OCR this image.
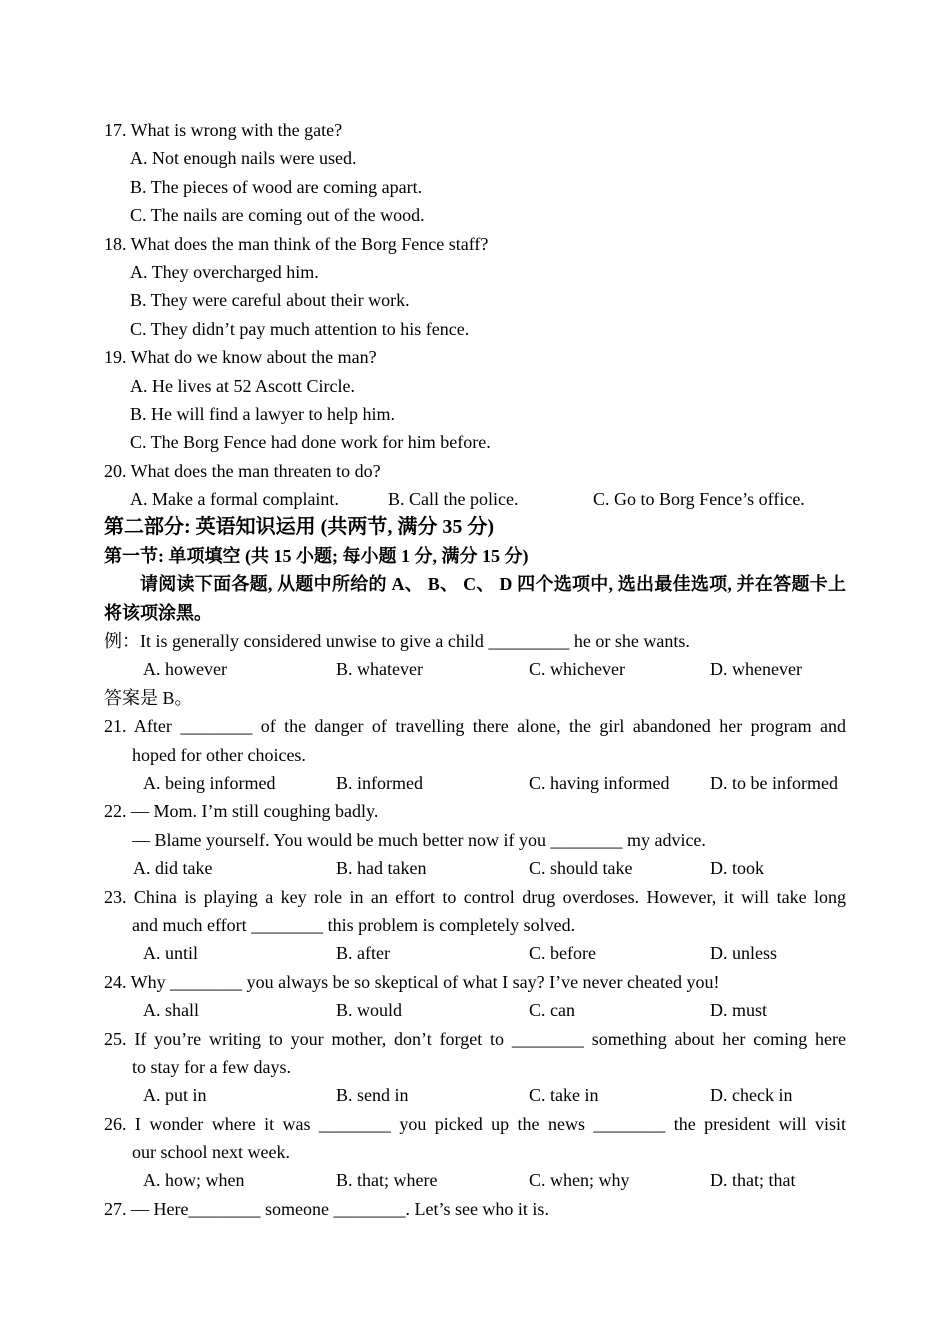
17. What is wrong with the gate?
A. Not enough nails were used.
B. The pieces of wood are coming apart.
C. The nails are coming out of the wood.
18. What does the man think of the Borg Fence staff?
A. They overcharged him.
B. They were careful about their work.
C. They didn’t pay much attention to his fence.
19. What do we know about the man?
A. He lives at 52 Ascott Circle.
B. He will find a lawyer to help him.
C. The Borg Fence had done work for him before.
20. What does the man threaten to do?
A. Make a formal complaint.	B. Call the police.	C. Go to Borg Fence’s office.
第二部分: 英语知识运用 (共两节, 满分 35 分)
第一节: 单项填空 (共 15 小题; 每小题 1 分, 满分 15 分)
请阅读下面各题, 从题中所给的 A、 B、 C、 D 四个选项中, 选出最佳选项, 并在答题卡上将该项涂黑。
例：It is generally considered unwise to give a child _________ he or she wants.
A. however	B. whatever	C. whichever	D. whenever
答案是 B。
21. After ________ of the danger of travelling there alone, the girl abandoned her program and
hoped for other choices.
A. being informed	B. informed	C. having informed D. to be informed
22. — Mom. I’m still coughing badly.
— Blame yourself. You would be much better now if you ________ my advice.
A. did take	B. had taken	C. should take	D. took
23. China is playing a key role in an effort to control drug overdoses. However, it will take long
and much effort ________ this problem is completely solved.
A. until	B. after	C. before	D. unless
24. Why ________ you always be so skeptical of what I say? I’ve never cheated you!
A. shall	B. would	C. can	D. must
25. If you’re writing to your mother, don’t forget to ________ something about her coming here
to stay for a few days.
A. put in	B. send in	C. take in	D. check in
26. I wonder where it was ________ you picked up the news ________ the president will visit
our school next week.
A. how; when	B. that; where	C. when; why	D. that; that
27. — Here________ someone ________. Let’s see who it is.
